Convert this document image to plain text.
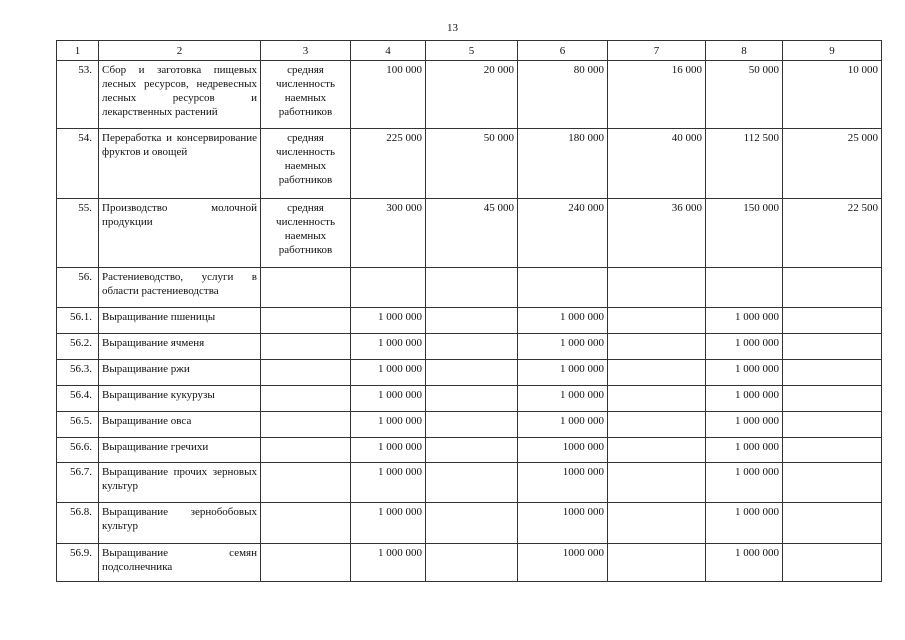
13
1	2	3	4	5	6	7	8	9
53.	Сбор и заготовка пищевых лесных ресурсов, недревесных лесных ресурсов и лекарственных растений	средняя численность наемных работников	100 000	20 000	80 000	16 000	50 000	10 000
54.	Переработка и консервирование фруктов и овощей	средняя численность наемных работников	225 000	50 000	180 000	40 000	112 500	25 000
55.	Производство молочной продукции	средняя численность наемных работников	300 000	45 000	240 000	36 000	150 000	22 500
56.	Растениеводство, услуги в области растениеводства							
56.1.	Выращивание пшеницы		1 000 000		1 000 000		1 000 000	
56.2.	Выращивание ячменя		1 000 000		1 000 000		1 000 000	
56.3.	Выращивание ржи		1 000 000		1 000 000		1 000 000	
56.4.	Выращивание кукурузы		1 000 000		1 000 000		1 000 000	
56.5.	Выращивание овса		1 000 000		1 000 000		1 000 000	
56.6.	Выращивание гречихи		1 000 000		1000 000		1 000 000	
56.7.	Выращивание прочих зерновых культур		1 000 000		1000 000		1 000 000	
56.8.	Выращивание зернобобовых культур		1 000 000		1000 000		1 000 000	
56.9.	Выращивание семян подсолнечника		1 000 000		1000 000		1 000 000	
